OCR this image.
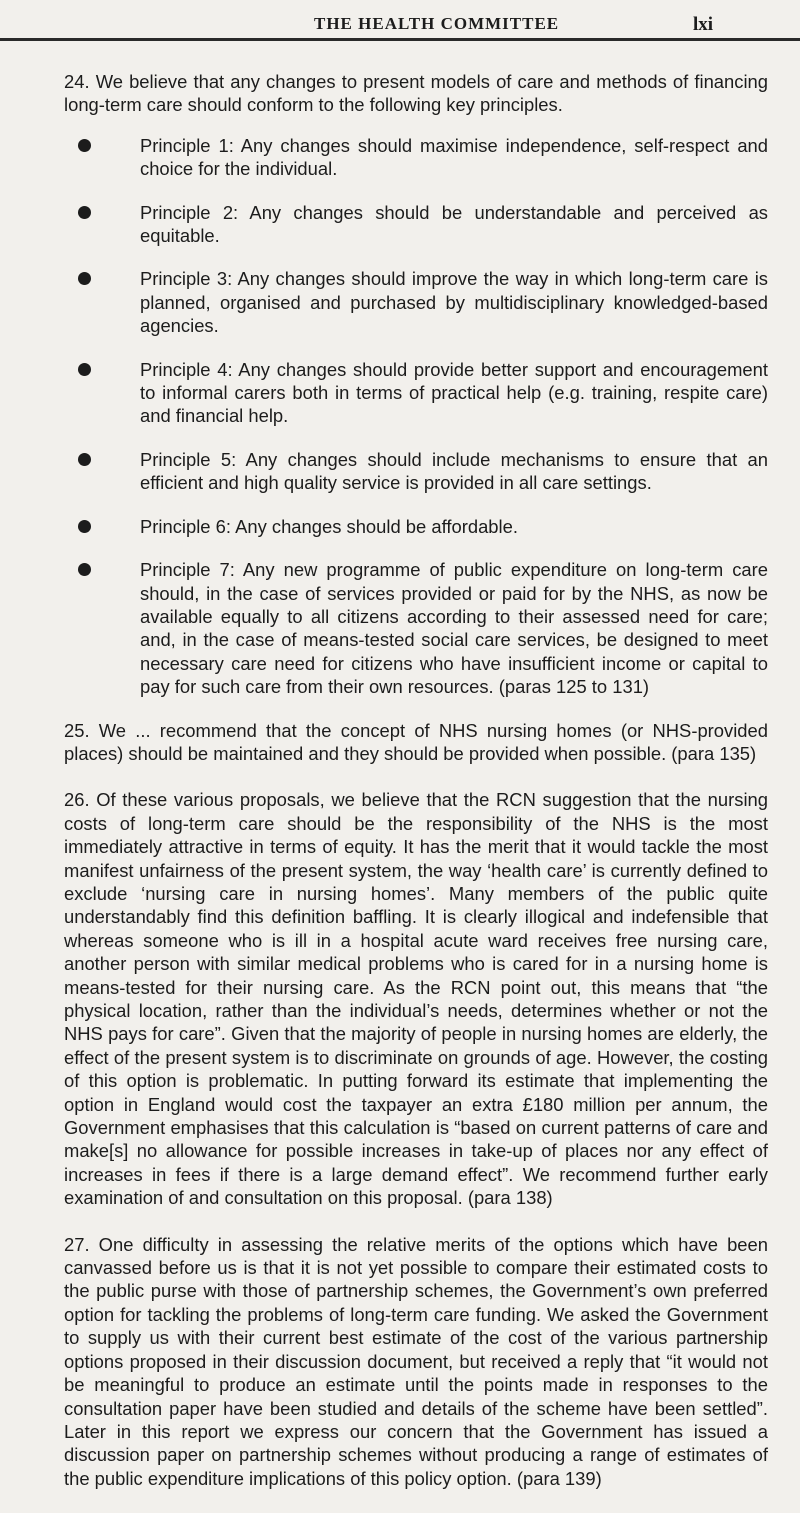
THE HEALTH COMMITTEE	lxi

24. We believe that any changes to present models of care and methods of financing long-term care should conform to the following key principles.

Principle 1: Any changes should maximise independence, self-respect and choice for the individual.
Principle 2: Any changes should be understandable and perceived as equitable.
Principle 3: Any changes should improve the way in which long-term care is planned, organised and purchased by multidisciplinary knowledged-based agencies.
Principle 4: Any changes should provide better support and encouragement to informal carers both in terms of practical help (e.g. training, respite care) and financial help.
Principle 5: Any changes should include mechanisms to ensure that an efficient and high quality service is provided in all care settings.
Principle 6: Any changes should be affordable.
Principle 7: Any new programme of public expenditure on long-term care should, in the case of services provided or paid for by the NHS, as now be available equally to all citizens according to their assessed need for care; and, in the case of means-tested social care services, be designed to meet necessary care need for citizens who have insufficient income or capital to pay for such care from their own resources. (paras 125 to 131)

25. We ... recommend that the concept of NHS nursing homes (or NHS-provided places) should be maintained and they should be provided when possible. (para 135)

26. Of these various proposals, we believe that the RCN suggestion that the nursing costs of long-term care should be the responsibility of the NHS is the most immediately attractive in terms of equity. It has the merit that it would tackle the most manifest unfairness of the present system, the way ‘health care’ is currently defined to exclude ‘nursing care in nursing homes’. Many members of the public quite understandably find this definition baffling. It is clearly illogical and indefensible that whereas someone who is ill in a hospital acute ward receives free nursing care, another person with similar medical problems who is cared for in a nursing home is means-tested for their nursing care. As the RCN point out, this means that “the physical location, rather than the individual’s needs, determines whether or not the NHS pays for care”. Given that the majority of people in nursing homes are elderly, the effect of the present system is to discriminate on grounds of age. However, the costing of this option is problematic. In putting forward its estimate that implementing the option in England would cost the taxpayer an extra £180 million per annum, the Government emphasises that this calculation is “based on current patterns of care and make[s] no allowance for possible increases in take-up of places nor any effect of increases in fees if there is a large demand effect”. We recommend further early examination of and consultation on this proposal. (para 138)

27. One difficulty in assessing the relative merits of the options which have been canvassed before us is that it is not yet possible to compare their estimated costs to the public purse with those of partnership schemes, the Government’s own preferred option for tackling the problems of long-term care funding. We asked the Government to supply us with their current best estimate of the cost of the various partnership options proposed in their discussion document, but received a reply that “it would not be meaningful to produce an estimate until the points made in responses to the consultation paper have been studied and details of the scheme have been settled”. Later in this report we express our concern that the Government has issued a discussion paper on partnership schemes without producing a range of estimates of the public expenditure implications of this policy option. (para 139)
